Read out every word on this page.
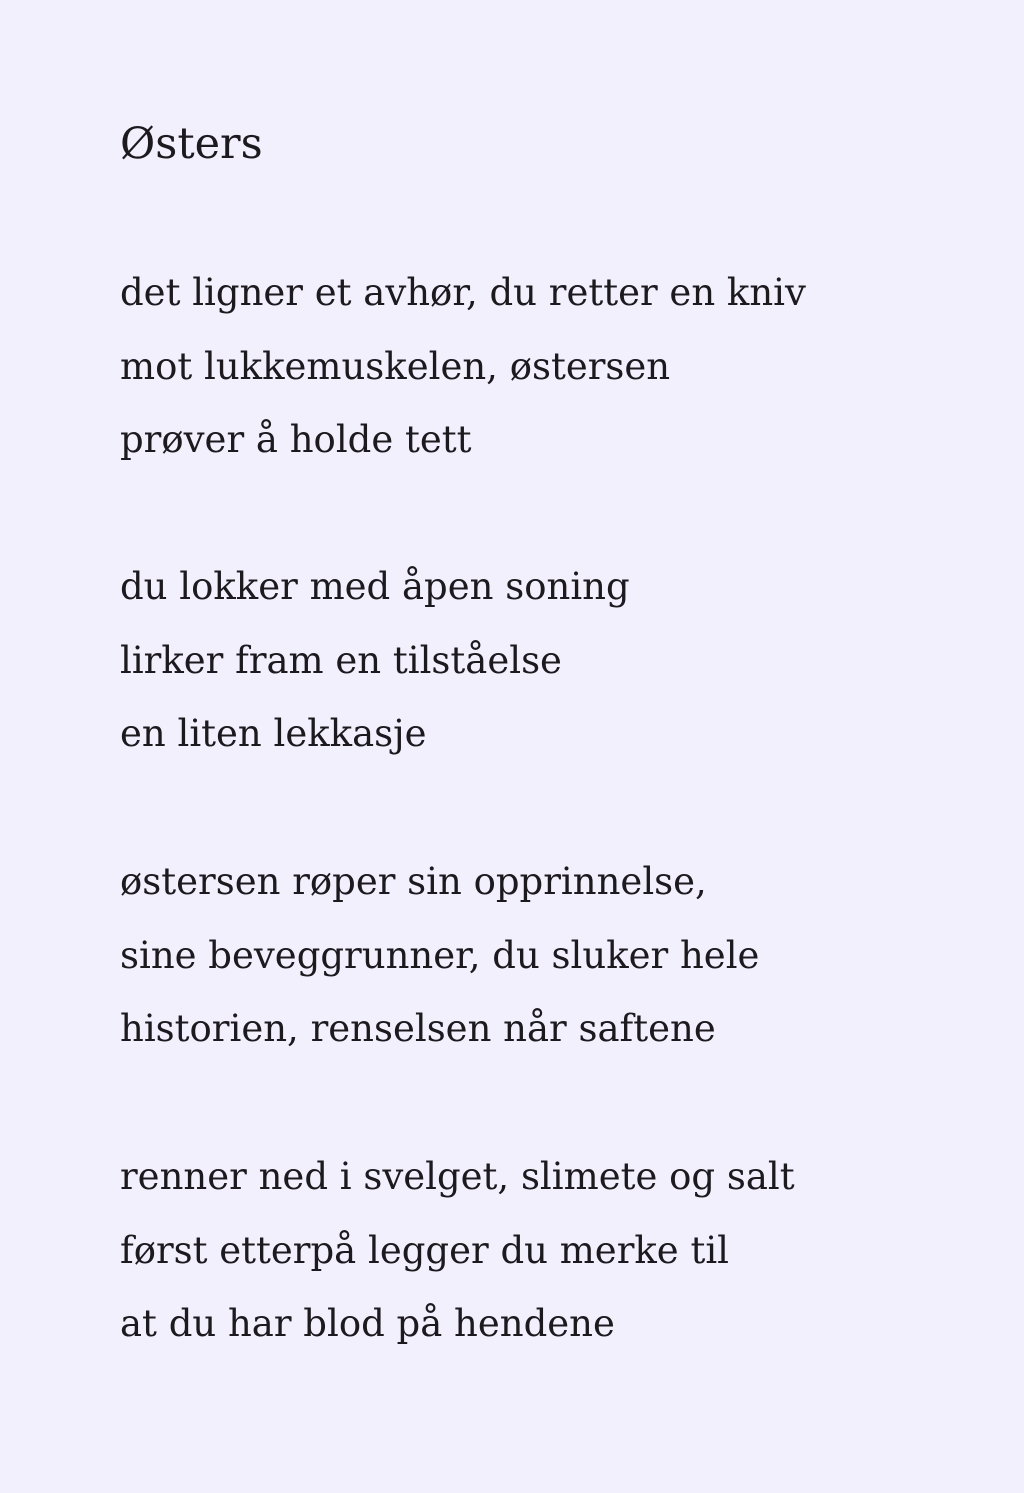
Østers
det ligner et avhør, du retter en kniv
mot lukkemuskelen, østersen
prøver å holde tett
du lokker med åpen soning
lirker fram en tilståelse
en liten lekkasje
østersen røper sin opprinnelse,
sine beveggrunner, du sluker hele
historien, renselsen når saftene
renner ned i svelget, slimete og salt
først etterpå legger du merke til
at du har blod på hendene
